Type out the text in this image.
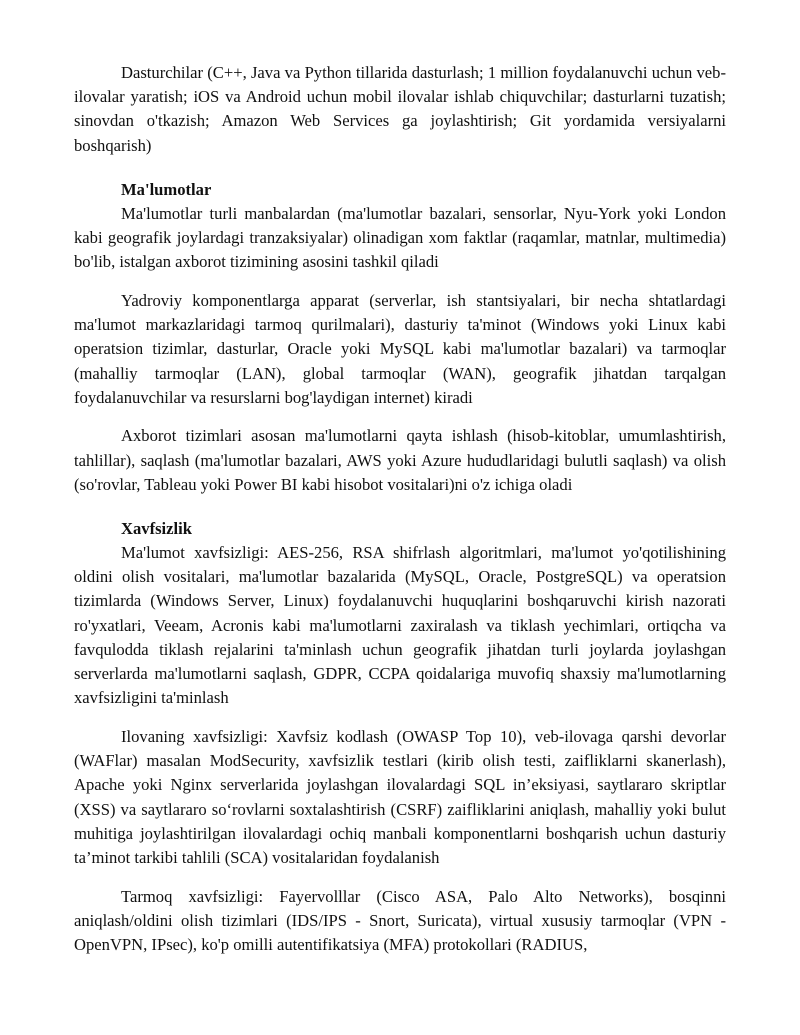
Dasturchilar (C++, Java va Python tillarida dasturlash; 1 million foydalanuvchi uchun veb-ilovalar yaratish; iOS va Android uchun mobil ilovalar ishlab chiquvchilar; dasturlarni tuzatish; sinovdan o'tkazish; Amazon Web Services ga joylashtirish; Git yordamida versiyalarni boshqarish)

Ma'lumotlar

Ma'lumotlar turli manbalardan (ma'lumotlar bazalari, sensorlar, Nyu-York yoki London kabi geografik joylardagi tranzaksiyalar) olinadigan xom faktlar (raqamlar, matnlar, multimedia) bo'lib, istalgan axborot tizimining asosini tashkil qiladi

Yadroviy komponentlarga apparat (serverlar, ish stantsiyalari, bir necha shtatlardagi ma'lumot markazlaridagi tarmoq qurilmalari), dasturiy ta'minot (Windows yoki Linux kabi operatsion tizimlar, dasturlar, Oracle yoki MySQL kabi ma'lumotlar bazalari) va tarmoqlar (mahalliy tarmoqlar (LAN), global tarmoqlar (WAN), geografik jihatdan tarqalgan foydalanuvchilar va resurslarni bog'laydigan internet) kiradi

Axborot tizimlari asosan ma'lumotlarni qayta ishlash (hisob-kitoblar, umumlashtirish, tahlillar), saqlash (ma'lumotlar bazalari, AWS yoki Azure hududlaridagi bulutli saqlash) va olish (so'rovlar, Tableau yoki Power BI kabi hisobot vositalari)ni o'z ichiga oladi

Xavfsizlik

Ma'lumot xavfsizligi: AES-256, RSA shifrlash algoritmlari, ma'lumot yo'qotilishining oldini olish vositalari, ma'lumotlar bazalarida (MySQL, Oracle, PostgreSQL) va operatsion tizimlarda (Windows Server, Linux) foydalanuvchi huquqlarini boshqaruvchi kirish nazorati ro'yxatlari, Veeam, Acronis kabi ma'lumotlarni zaxiralash va tiklash yechimlari, ortiqcha va favqulodda tiklash rejalarini ta'minlash uchun geografik jihatdan turli joylarda joylashgan serverlarda ma'lumotlarni saqlash, GDPR, CCPA qoidalariga muvofiq shaxsiy ma'lumotlarning xavfsizligini ta'minlash

Ilovaning xavfsizligi: Xavfsiz kodlash (OWASP Top 10), veb-ilovaga qarshi devorlar (WAFlar) masalan ModSecurity, xavfsizlik testlari (kirib olish testi, zaifliklarni skanerlash), Apache yoki Nginx serverlarida joylashgan ilovalardagi SQL in’eksiyasi, saytlararo skriptlar (XSS) va saytlararo so‘rovlarni soxtalashtirish (CSRF) zaifliklarini aniqlash, mahalliy yoki bulut muhitiga joylashtirilgan ilovalardagi ochiq manbali komponentlarni boshqarish uchun dasturiy ta’minot tarkibi tahlili (SCA) vositalaridan foydalanish

Tarmoq xavfsizligi: Fayervolllar (Cisco ASA, Palo Alto Networks), bosqinni aniqlash/oldini olish tizimlari (IDS/IPS - Snort, Suricata), virtual xususiy tarmoqlar (VPN - OpenVPN, IPsec), ko'p omilli autentifikatsiya (MFA) protokollari (RADIUS,
